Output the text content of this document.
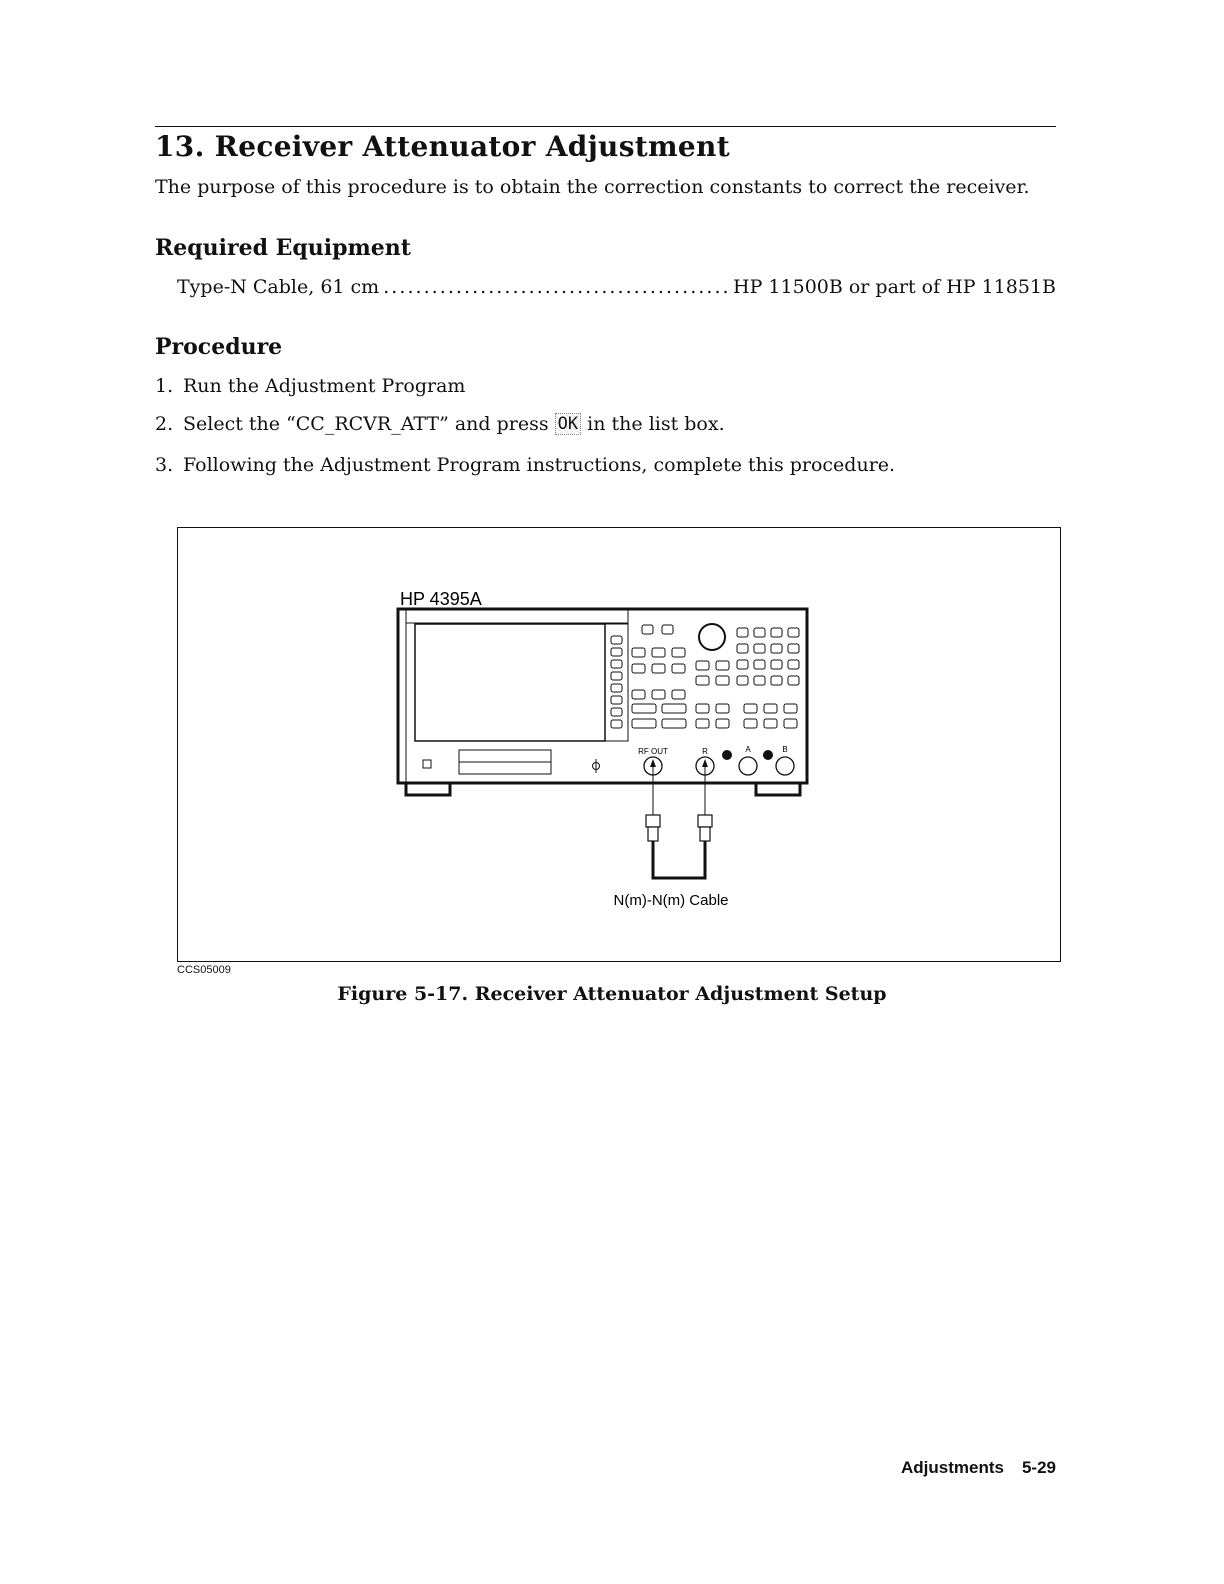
13. Receiver Attenuator Adjustment

The purpose of this procedure is to obtain the correction constants to correct the receiver.

Required Equipment
Type-N Cable, 61 cm
. . .	HP 11500B or part of HP 11851B
Procedure
1. Run the Adjustment Program
2. Select the “CC_RCVR_ATT” and press OK in the list box.
3. Following the Adjustment Program instructions, complete this procedure.
HP 4395A
RF OUT	R	A	B
N(m)-N(m) Cable
CCS05009
Figure 5-17. Receiver Attenuator Adjustment Setup
Adjustments 5-29
